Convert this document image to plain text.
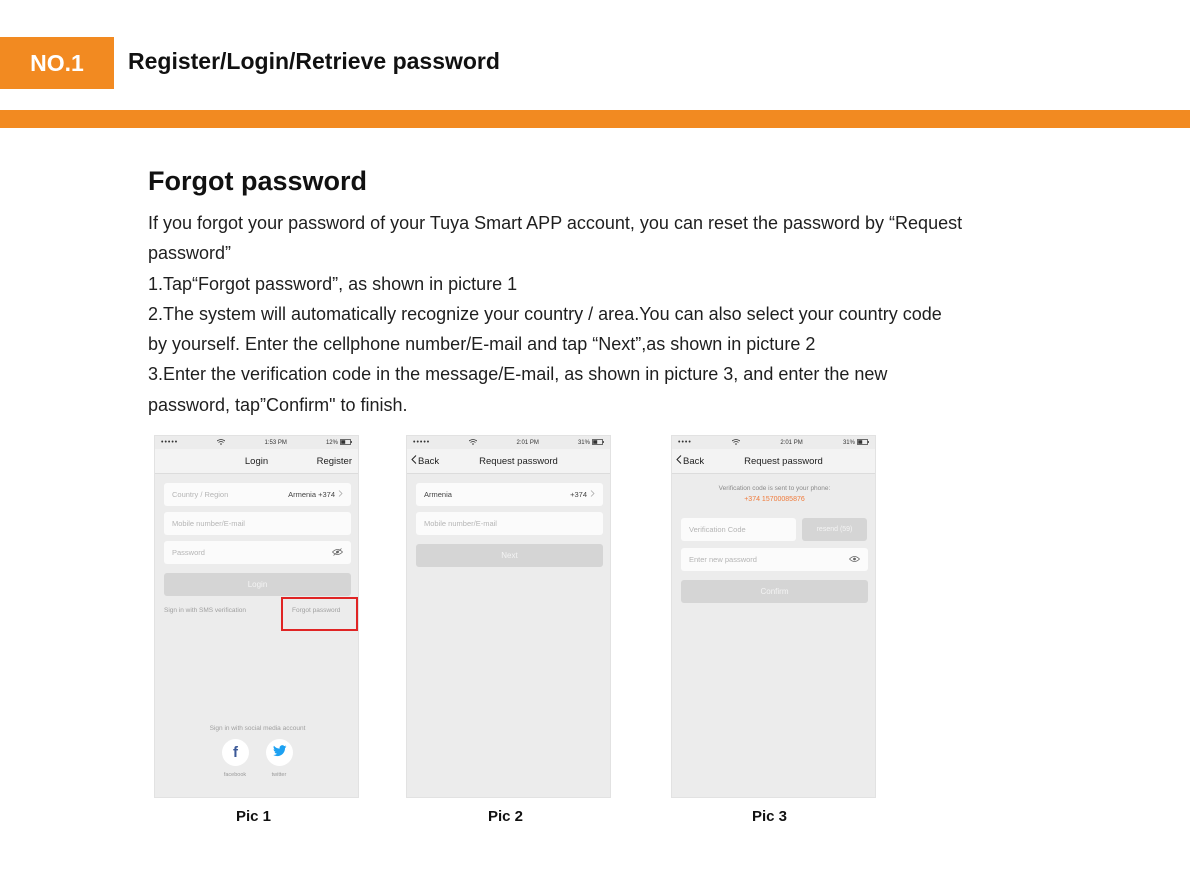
NO.1	Register/Login/Retrieve password
Forgot password
If you forgot your password of your Tuya Smart APP account, you can reset the password by “Request
password”
1.Tap“Forgot password”, as shown in picture 1
2.The system will automatically recognize your country / area.You can also select your country code
by yourself. Enter the cellphone number/E-mail and tap “Next”,as shown in picture 2
3.Enter the verification code in the message/E-mail, as shown in picture 3, and enter the new
password, tap”Confirm" to finish.
•••••	1:53 PM	12%
Login	Register
Country / Region	Armenia +374
Mobile number/E-mail
Password
Login
Sign in with SMS verification	Forgot password
Sign in with social media account
f
facebook	twitter
•••••	2:01 PM	31%
Back	Request password
Armenia	+374
Mobile number/E-mail
Next
••••	2:01 PM	31%
Back	Request password
Verification code is sent to your phone:
+374 15700085876
Verification Code	resend (59)
Enter new password
Confirm
Pic 1	Pic 2	Pic 3
